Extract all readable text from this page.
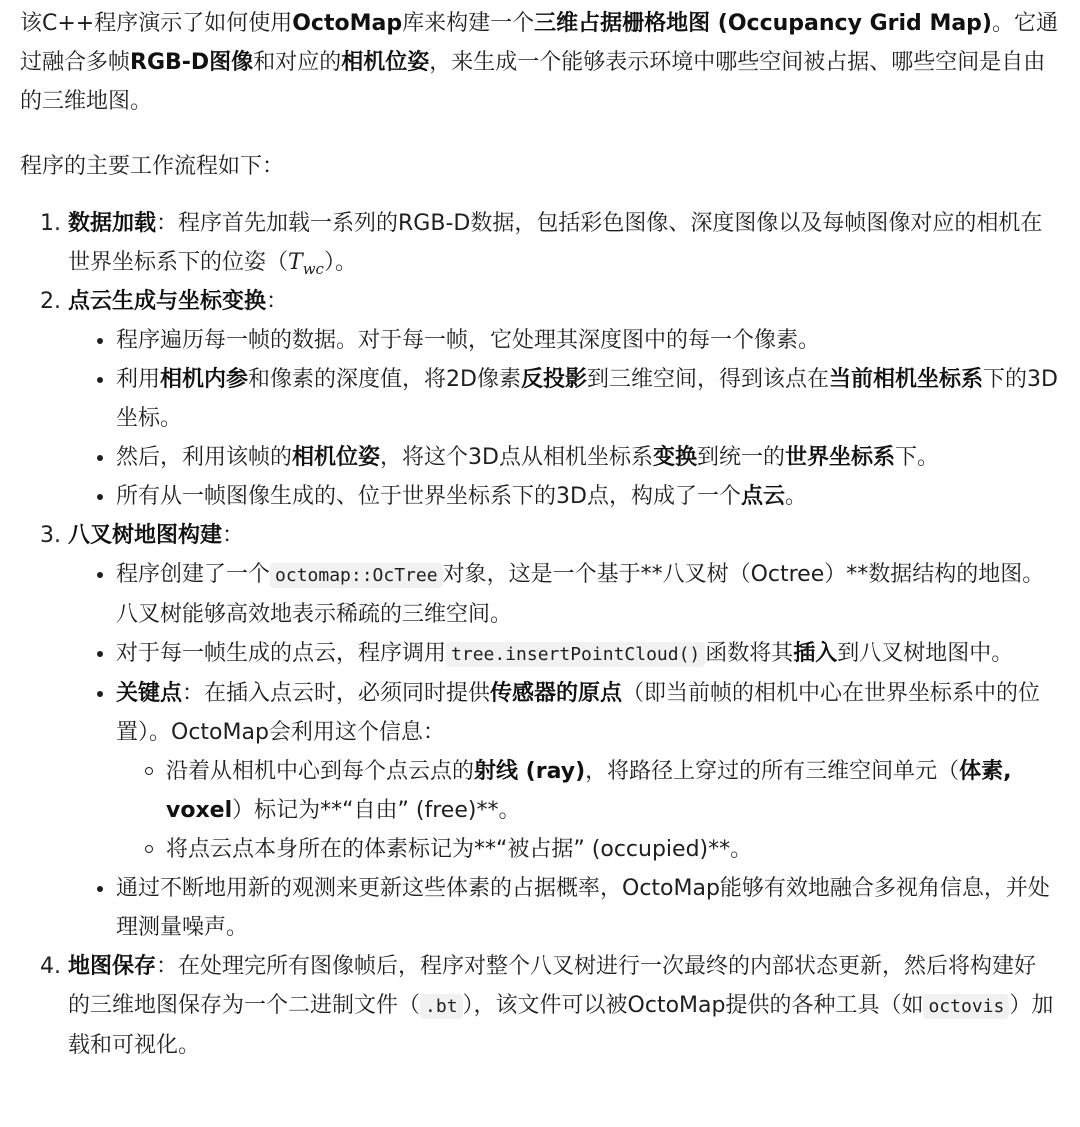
该C++程序演示了如何使用OctoMap库来构建一个三维占据栅格地图 (Occupancy Grid Map)。它通过融合多帧RGB-D图像和对应的相机位姿，来生成一个能够表示环境中哪些空间被占据、哪些空间是自由的三维地图。

程序的主要工作流程如下：

1. 数据加载：程序首先加载一系列的RGB-D数据，包括彩色图像、深度图像以及每帧图像对应的相机在世界坐标系下的位姿$(T_{wc})$。
2. 点云生成与坐标变换：
程序遍历每一帧的数据。对于每一帧，它处理其深度图中的每一个像素。
利用相机内参和像素的深度值，将2D像素反投影到三维空间，得到该点在当前相机坐标系下的3D坐标。
然后，利用该帧的相机位姿，将这个3D点从相机坐标系变换到统一的世界坐标系下。
所有从一帧图像生成的、位于世界坐标系下的3D点，构成了一个点云。
3. 八叉树地图构建：
程序创建了一个 octomap::OcTree 对象，这是一个基于**八叉树（Octree）**数据结构的地图。八叉树能够高效地表示稀疏的三维空间。
对于每一帧生成的点云，程序调用 tree.insertPointCloud() 函数将其插入到八叉树地图中。
关键点：在插入点云时，必须同时提供传感器的原点（即当前帧的相机中心在世界坐标系中的位置）。OctoMap会利用这个信息：
沿着从相机中心到每个点云点的射线 (ray)，将路径上穿过的所有三维空间单元（体素, voxel）标记为**“自由” (free)**。
将点云点本身所在的体素标记为**“被占据” (occupied)**。
通过不断地用新的观测来更新这些体素的占据概率，OctoMap能够有效地融合多视角信息，并处理测量噪声。
4. 地图保存：在处理完所有图像帧后，程序对整个八叉树进行一次最终的内部状态更新，然后将构建好的三维地图保存为一个二进制文件（ .bt ），该文件可以被OctoMap提供的各种工具（如 octovis ）加载和可视化。
